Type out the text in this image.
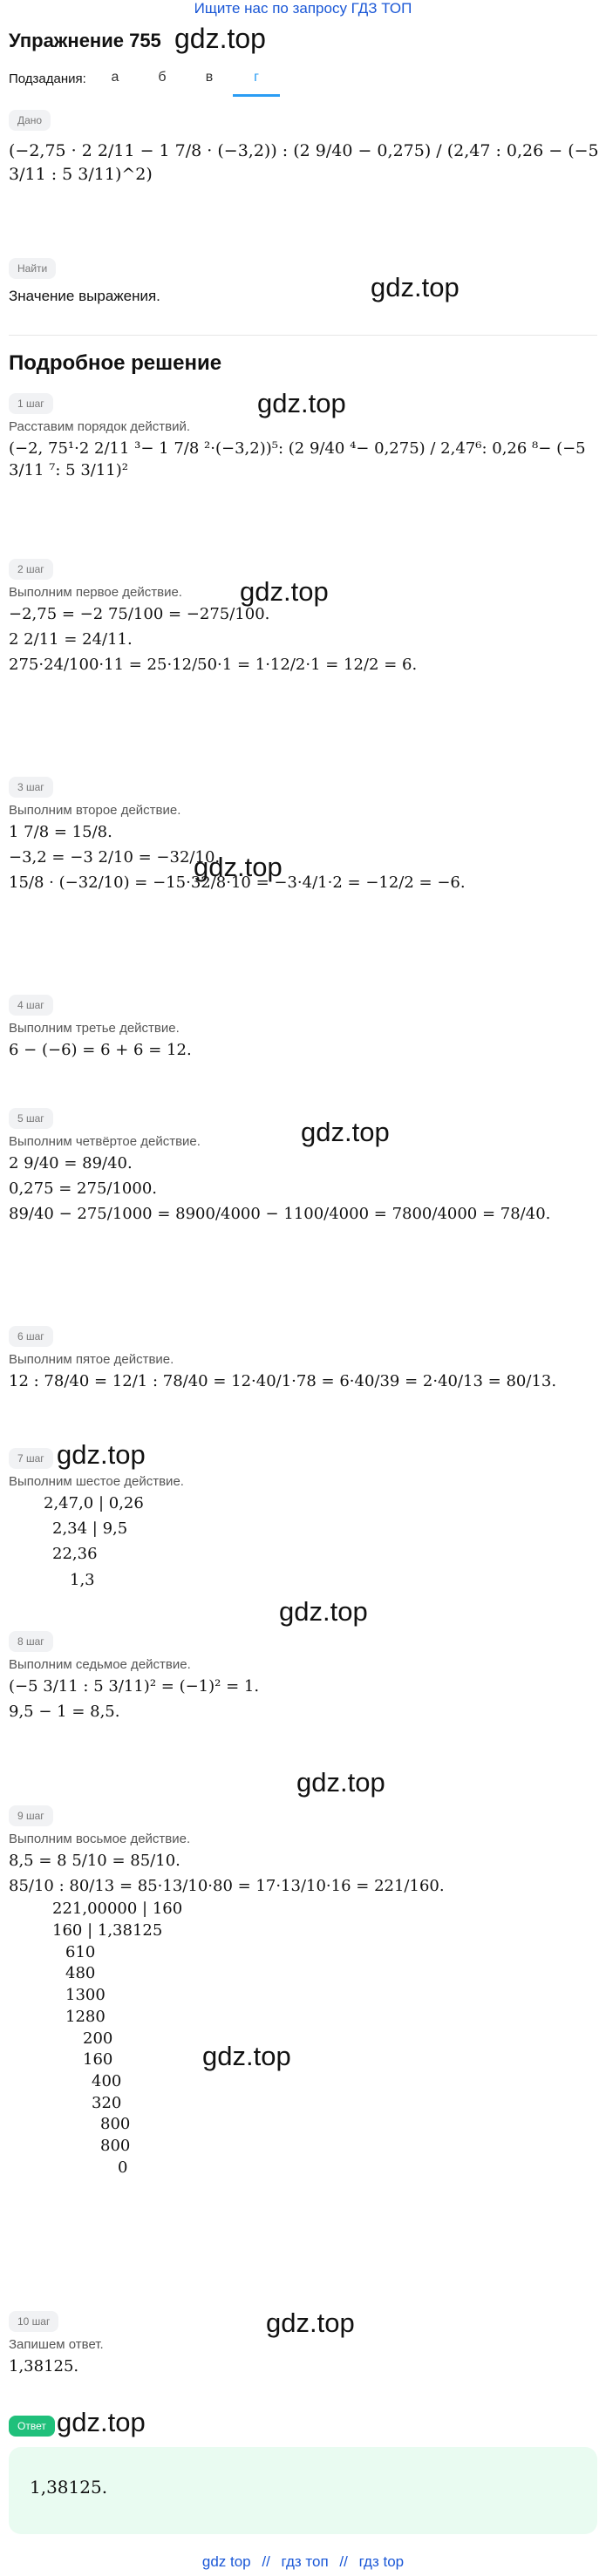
Ищите нас по запросу ГДЗ ТОП
Упражнение 755 gdz.top
Подзадания:	а	б	в	г
Дано
(−2,75 · 2 2/11 − 1 7/8 · (−3,2)) : (2 9/40 − 0,275) / (2,47 : 0,26 − (−5 3/11 : 5 3/11)^2)
Найти
Значение выражения.	gdz.top
Подробное решение
1 шаг
Расставим порядок действий.
(−2, 75¹·2 2/11 ³− 1 7/8 ²·(−3,2))⁵: (2 9/40 ⁴− 0,275) / 2,47⁶: 0,26 ⁸− (−5 3/11 ⁷: 5 3/11)²
gdz.top
2 шаг
Выполним первое действие.
−2,75 = −2 75/100 = −275/100.
2 2/11 = 24/11.
275·24/100·11 = 25·12/50·1 = 1·12/2·1 = 12/2 = 6.
gdz.top
3 шаг
Выполним второе действие.
1 7/8 = 15/8.
−3,2 = −3 2/10 = −32/10.
15/8 · (−32/10) = −15·32/8·10 = −3·4/1·2 = −12/2 = −6.
gdz.top
4 шаг
Выполним третье действие.
6 − (−6) = 6 + 6 = 12.
5 шаг
Выполним четвёртое действие.
2 9/40 = 89/40.
0,275 = 275/1000.
89/40 − 275/1000 = 8900/4000 − 1100/4000 = 7800/4000 = 78/40.
gdz.top
6 шаг
Выполним пятое действие.
12 : 78/40 = 12/1 : 78/40 = 12·40/1·78 = 6·40/39 = 2·40/13 = 80/13.
7 шаг gdz.top
Выполним шестое действие.
2,47,0 | 0,26
2,34 | 9,5
22,36
1,3
gdz.top
8 шаг
Выполним седьмое действие.
(−5 3/11 : 5 3/11)² = (−1)² = 1.
9,5 − 1 = 8,5.
gdz.top
9 шаг
Выполним восьмое действие.
8,5 = 8 5/10 = 85/10.
85/10 : 80/13 = 85·13/10·80 = 17·13/10·16 = 221/160.
221,00000 | 160
160 | 1,38125
610
480
1300
1280
200
160
400
320
800
800
0
gdz.top
10 шаг
Запишем ответ.
1,38125.
gdz.top
Ответ gdz.top
1,38125.
gdz top // гдз топ // гдз top
